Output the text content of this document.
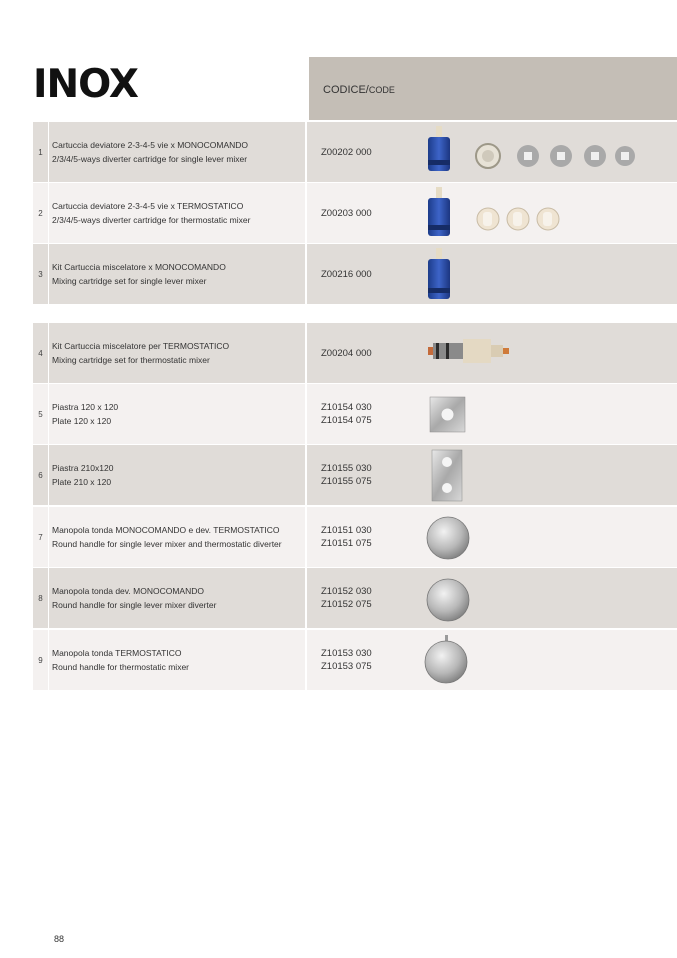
INOX	CODICE/CODE
1
Cartuccia deviatore 2-3-4-5 vie x MONOCOMANDO
2/3/4/5-ways diverter cartridge for single lever mixer
Z00202 000
2
Cartuccia deviatore 2-3-4-5 vie x TERMOSTATICO
2/3/4/5-ways diverter cartridge for thermostatic mixer
Z00203 000
3
Kit Cartuccia miscelatore x MONOCOMANDO
Mixing cartridge set for single lever mixer
Z00216 000
4
Kit Cartuccia miscelatore per TERMOSTATICO
Mixing cartridge set for thermostatic mixer
Z00204 000
5
Piastra 120 x 120
Plate 120 x 120
Z10154 030
Z10154 075
6
Piastra 210x120
Plate 210 x 120
Z10155 030
Z10155 075
7
Manopola tonda MONOCOMANDO e dev. TERMOSTATICO
Round handle for single lever mixer and thermostatic diverter
Z10151 030
Z10151 075
8
Manopola tonda dev. MONOCOMANDO
Round handle for single lever mixer diverter
Z10152 030
Z10152 075
9
Manopola tonda TERMOSTATICO
Round handle for thermostatic mixer
Z10153 030
Z10153 075
88
